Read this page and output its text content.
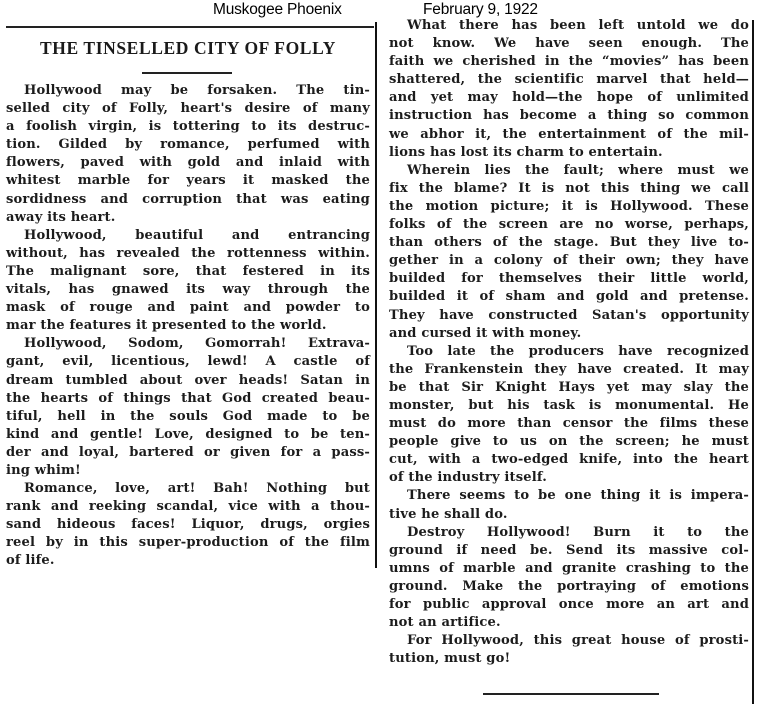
Muskogee Phoenix	February 9, 1922
THE TINSELLED CITY OF FOLLY
Hollywood may be forsaken. The tin-
selled city of Folly, heart's desire of many
a foolish virgin, is tottering to its destruc-
tion. Gilded by romance, perfumed with
flowers, paved with gold and inlaid with
whitest marble for years it masked the
sordidness and corruption that was eating
away its heart.
Hollywood, beautiful and entrancing
without, has revealed the rottenness within.
The malignant sore, that festered in its
vitals, has gnawed its way through the
mask of rouge and paint and powder to
mar the features it presented to the world.
Hollywood, Sodom, Gomorrah! Extrava-
gant, evil, licentious, lewd! A castle of
dream tumbled about over heads! Satan in
the hearts of things that God created beau-
tiful, hell in the souls God made to be
kind and gentle! Love, designed to be ten-
der and loyal, bartered or given for a pass-
ing whim!
Romance, love, art! Bah! Nothing but
rank and reeking scandal, vice with a thou-
sand hideous faces! Liquor, drugs, orgies
reel by in this super-production of the film
of life.
What there has been left untold we do
not know. We have seen enough. The
faith we cherished in the “movies” has been
shattered, the scientific marvel that held—
and yet may hold—the hope of unlimited
instruction has become a thing so common
we abhor it, the entertainment of the mil-
lions has lost its charm to entertain.
Wherein lies the fault; where must we
fix the blame? It is not this thing we call
the motion picture; it is Hollywood. These
folks of the screen are no worse, perhaps,
than others of the stage. But they live to-
gether in a colony of their own; they have
builded for themselves their little world,
builded it of sham and gold and pretense.
They have constructed Satan's opportunity
and cursed it with money.
Too late the producers have recognized
the Frankenstein they have created. It may
be that Sir Knight Hays yet may slay the
monster, but his task is monumental. He
must do more than censor the films these
people give to us on the screen; he must
cut, with a two-edged knife, into the heart
of the industry itself.
There seems to be one thing it is impera-
tive he shall do.
Destroy Hollywood! Burn it to the
ground if need be. Send its massive col-
umns of marble and granite crashing to the
ground. Make the portraying of emotions
for public approval once more an art and
not an artifice.
For Hollywood, this great house of prosti-
tution, must go!
